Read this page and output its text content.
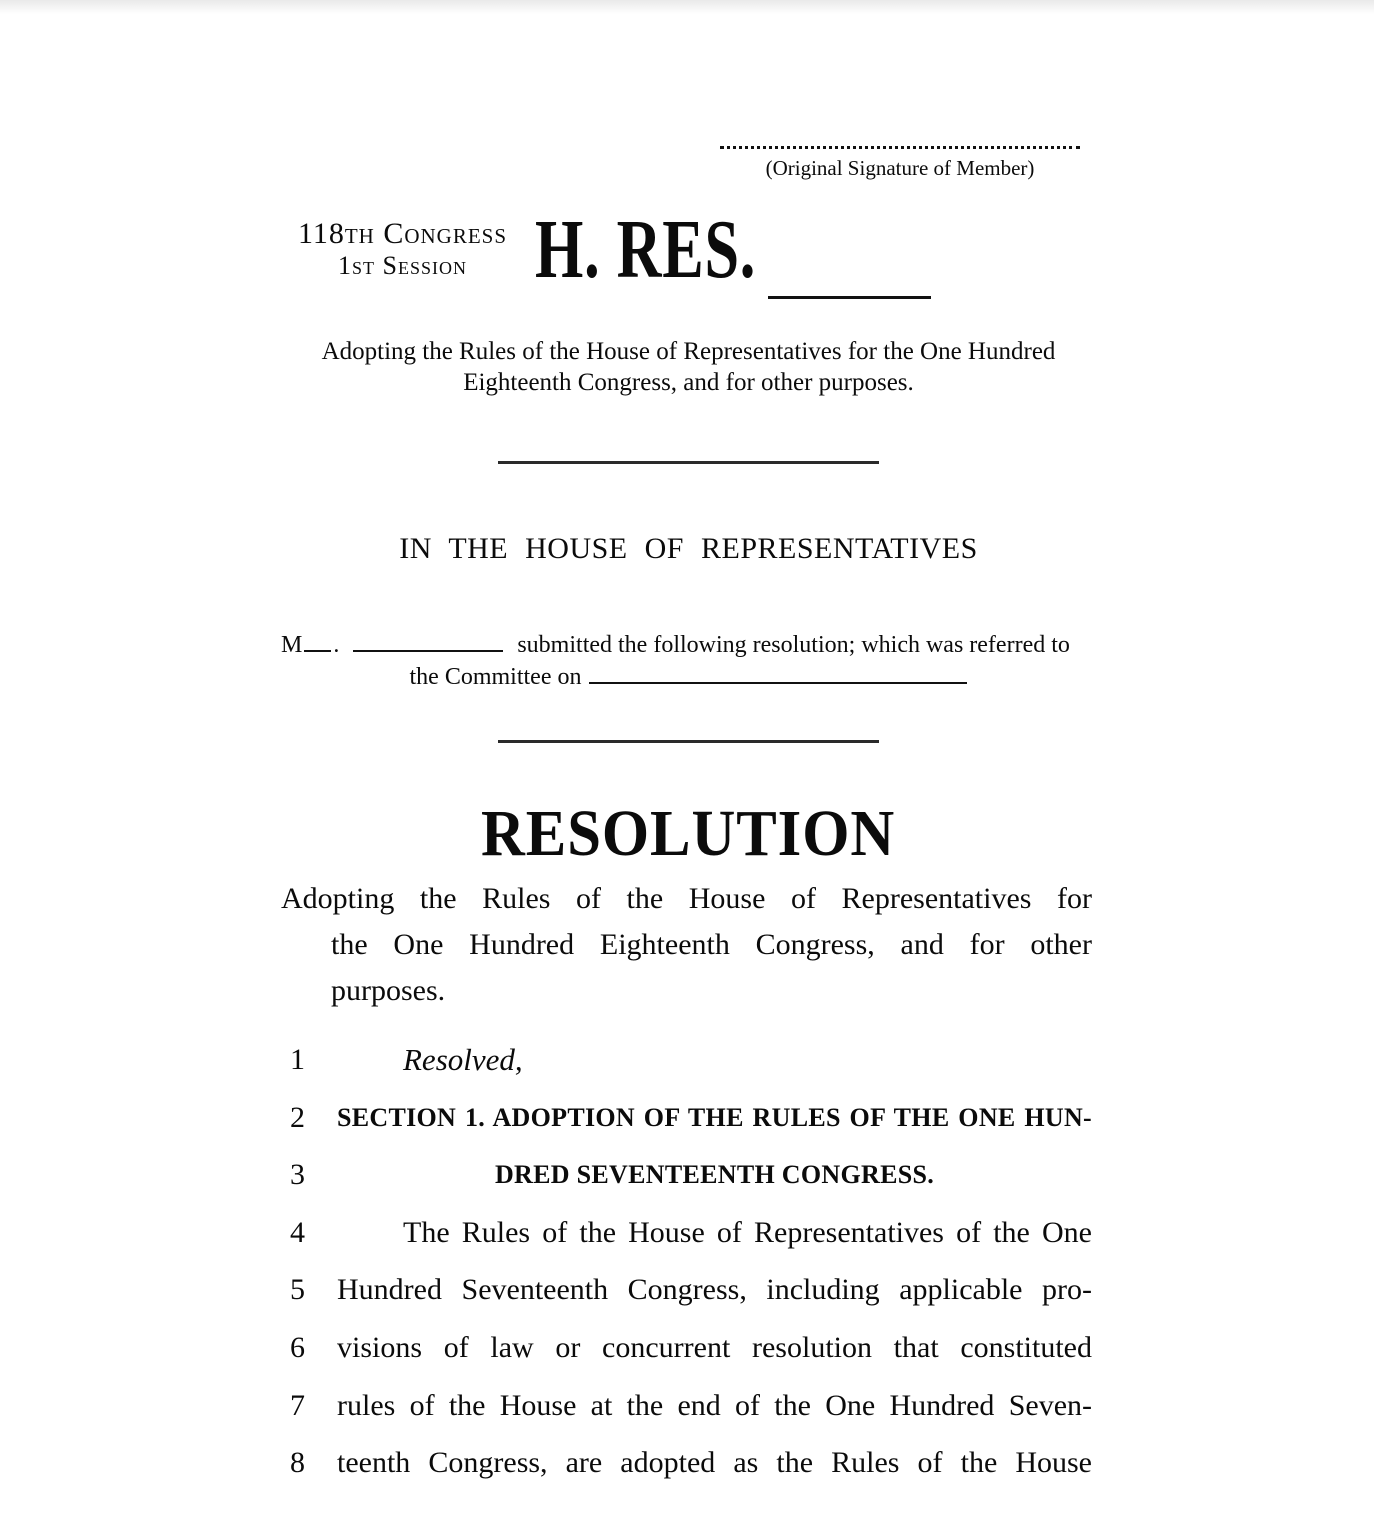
(Original Signature of Member)
118th Congress
1st Session H. RES.
Adopting the Rules of the House of Representatives for the One Hundred
Eighteenth Congress, and for other purposes.
IN THE HOUSE OF REPRESENTATIVES
M .	submitted the following resolution; which was referred to
the Committee on
RESOLUTION
Adopting the Rules of the House of Representatives for
the One Hundred Eighteenth Congress, and for other
purposes.
1	Resolved,
2	SECTION 1. ADOPTION OF THE RULES OF THE ONE HUN-
3	DRED SEVENTEENTH CONGRESS.
4	The Rules of the House of Representatives of the One
5	Hundred Seventeenth Congress, including applicable pro-
6	visions of law or concurrent resolution that constituted
7	rules of the House at the end of the One Hundred Seven-
8	teenth Congress, are adopted as the Rules of the House
